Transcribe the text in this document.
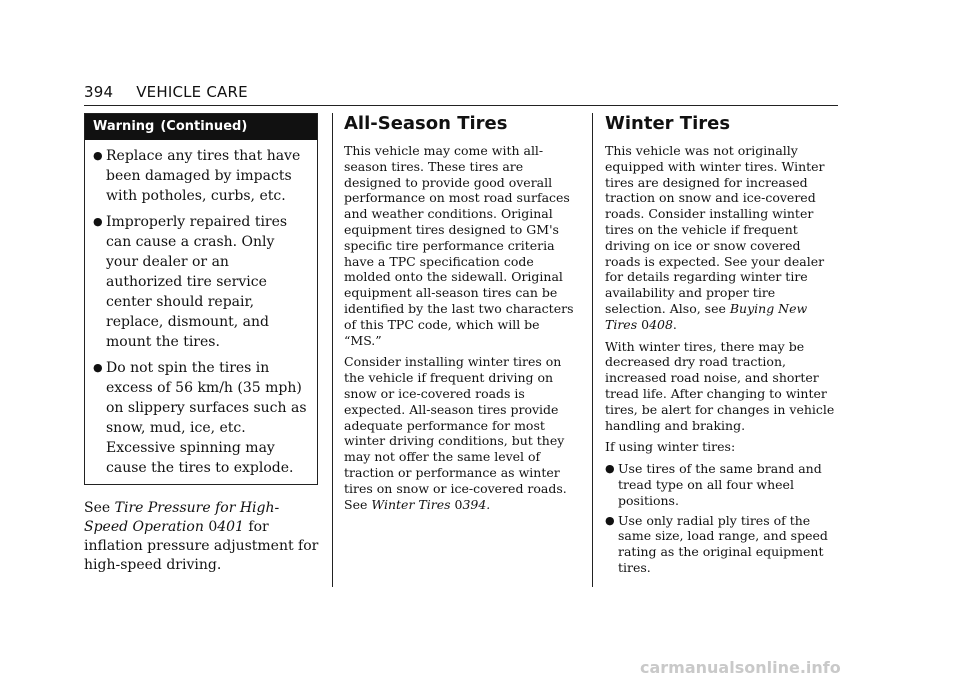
394 VEHICLE CARE
Warning (Continued)
● Replace any tires that have been damaged by impacts with potholes, curbs, etc.
● Improperly repaired tires can cause a crash. Only your dealer or an authorized tire service center should repair, replace, dismount, and mount the tires.
● Do not spin the tires in excess of 56 km/h (35 mph) on slippery surfaces such as snow, mud, ice, etc. Excessive spinning may cause the tires to explode.

See Tire Pressure for High-Speed Operation 0401 for inflation pressure adjustment for high-speed driving.

All-Season Tires

This vehicle may come with all-season tires. These tires are designed to provide good overall performance on most road surfaces and weather conditions. Original equipment tires designed to GM's specific tire performance criteria have a TPC specification code molded onto the sidewall. Original equipment all-season tires can be identified by the last two characters of this TPC code, which will be “MS.”

Consider installing winter tires on the vehicle if frequent driving on snow or ice-covered roads is expected. All-season tires provide adequate performance for most winter driving conditions, but they may not offer the same level of traction or performance as winter tires on snow or ice-covered roads. See Winter Tires 0394.

Winter Tires

This vehicle was not originally equipped with winter tires. Winter tires are designed for increased traction on snow and ice-covered roads. Consider installing winter tires on the vehicle if frequent driving on ice or snow covered roads is expected. See your dealer for details regarding winter tire availability and proper tire selection. Also, see Buying New Tires 0408.

With winter tires, there may be decreased dry road traction, increased road noise, and shorter tread life. After changing to winter tires, be alert for changes in vehicle handling and braking.

If using winter tires:

● Use tires of the same brand and tread type on all four wheel positions.
● Use only radial ply tires of the same size, load range, and speed rating as the original equipment tires.
carmanualsonline.info
